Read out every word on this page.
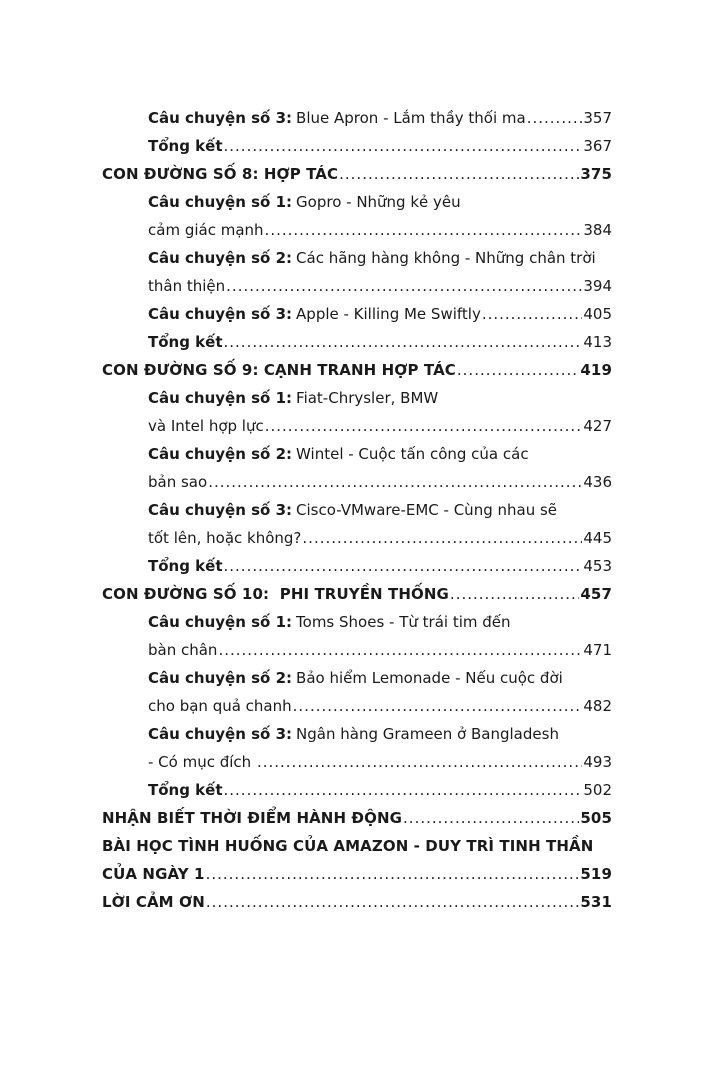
Câu chuyện số 3: Blue Apron - Lắm thầy thối ma .....	357
Tổng kết .....	367
CON ĐƯỜNG SỐ 8: HỢP TÁC .....	375
Câu chuyện số 1: Gopro - Những kẻ yêu
cảm giác mạnh .....	384
Câu chuyện số 2: Các hãng hàng không - Những chân trời
thân thiện .....	394
Câu chuyện số 3: Apple - Killing Me Swiftly .....	405
Tổng kết .....	413
CON ĐƯỜNG SỐ 9: CẠNH TRANH HỢP TÁC .....	419
Câu chuyện số 1: Fiat-Chrysler, BMW
và Intel hợp lực .....	427
Câu chuyện số 2: Wintel - Cuộc tấn công của các
bản sao .....	436
Câu chuyện số 3: Cisco-VMware-EMC - Cùng nhau sẽ
tốt lên, hoặc không? .....	445
Tổng kết .....	453
CON ĐƯỜNG SỐ 10:  PHI TRUYỀN THỐNG .....	457
Câu chuyện số 1: Toms Shoes - Từ trái tim đến
bàn chân .....	471
Câu chuyện số 2: Bảo hiểm Lemonade - Nếu cuộc đời
cho bạn quả chanh .....	482
Câu chuyện số 3: Ngân hàng Grameen ở Bangladesh
- Có mục đích .....	493
Tổng kết .....	502
NHẬN BIẾT THỜI ĐIỂM HÀNH ĐỘNG .....	505
BÀI HỌC TÌNH HUỐNG CỦA AMAZON - DUY TRÌ TINH THẦN
CỦA NGÀY 1 .....	519
LỜI CẢM ƠN .....	531
